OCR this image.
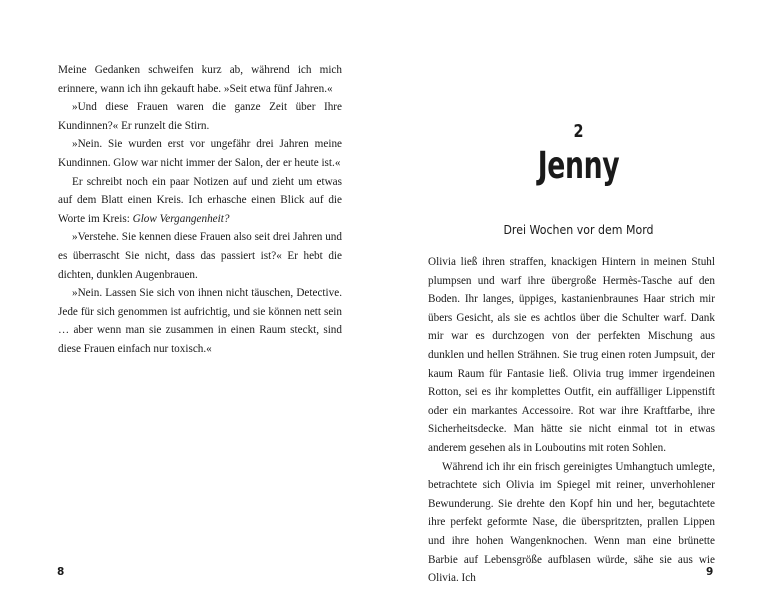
Meine Gedanken schweifen kurz ab, während ich mich erinnere, wann ich ihn gekauft habe. »Seit etwa fünf Jahren.«

»Und diese Frauen waren die ganze Zeit über Ihre Kundinnen?« Er runzelt die Stirn.

»Nein. Sie wurden erst vor ungefähr drei Jahren meine Kundinnen. Glow war nicht immer der Salon, der er heute ist.«

Er schreibt noch ein paar Notizen auf und zieht um etwas auf dem Blatt einen Kreis. Ich erhasche einen Blick auf die Worte im Kreis: Glow Vergangenheit?

»Verstehe. Sie kennen diese Frauen also seit drei Jahren und es überrascht Sie nicht, dass das passiert ist?« Er hebt die dichten, dunklen Augenbrauen.

»Nein. Lassen Sie sich von ihnen nicht täuschen, Detective. Jede für sich genommen ist aufrichtig, und sie können nett sein … aber wenn man sie zusammen in einen Raum steckt, sind diese Frauen einfach nur toxisch.«

8
2
Jenny
Drei Wochen vor dem Mord

Olivia ließ ihren straffen, knackigen Hintern in meinen Stuhl plumpsen und warf ihre übergroße Hermès-Tasche auf den Boden. Ihr langes, üppiges, kastanienbraunes Haar strich mir übers Gesicht, als sie es achtlos über die Schulter warf. Dank mir war es durchzogen von der perfekten Mischung aus dunklen und hellen Strähnen. Sie trug einen roten Jumpsuit, der kaum Raum für Fantasie ließ. Olivia trug immer irgendeinen Rotton, sei es ihr komplettes Outfit, ein auffälliger Lippenstift oder ein markantes Accessoire. Rot war ihre Kraftfarbe, ihre Sicherheitsdecke. Man hätte sie nicht einmal tot in etwas anderem gesehen als in Louboutins mit roten Sohlen.

Während ich ihr ein frisch gereinigtes Umhangtuch umlegte, betrachtete sich Olivia im Spiegel mit reiner, unverhohlener Bewunderung. Sie drehte den Kopf hin und her, begutachtete ihre perfekt geformte Nase, die überspritzten, prallen Lippen und ihre hohen Wangenknochen. Wenn man eine brünette Barbie auf Lebensgröße aufblasen würde, sähe sie aus wie Olivia. Ich

9
